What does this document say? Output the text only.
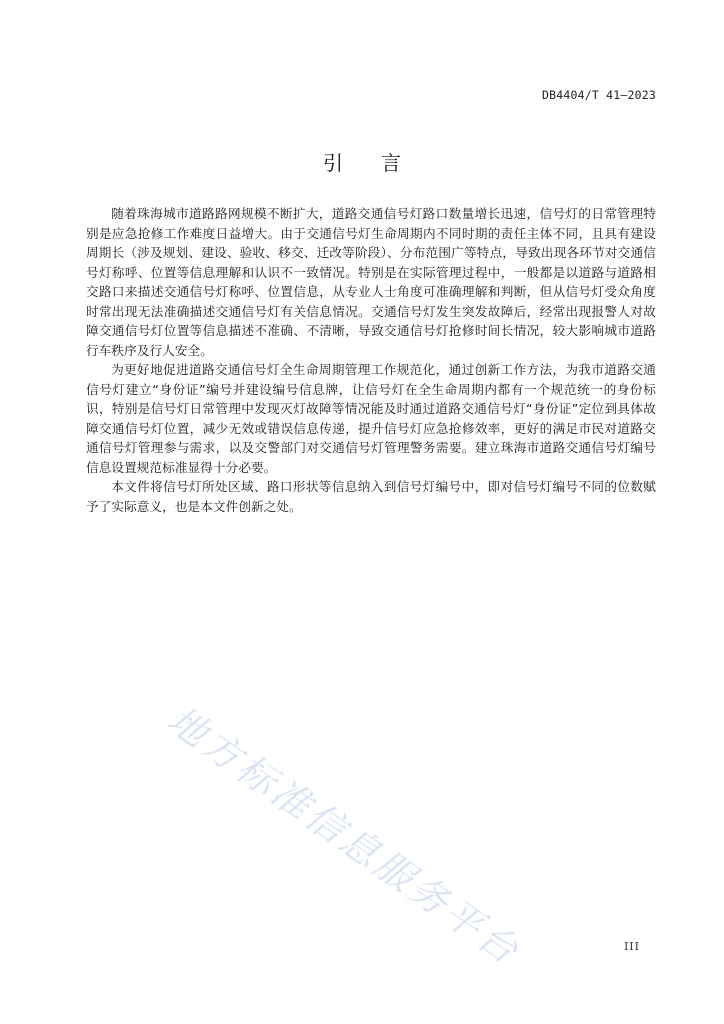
DB4404/T 41—2023
引言

随着珠海城市道路路网规模不断扩大，道路交通信号灯路口数量增长迅速，信号灯的日常管理特别是应急抢修工作难度日益增大。由于交通信号灯生命周期内不同时期的责任主体不同，且具有建设周期长（涉及规划、建设、验收、移交、迁改等阶段）、分布范围广等特点，导致出现各环节对交通信号灯称呼、位置等信息理解和认识不一致情况。特别是在实际管理过程中，一般都是以道路与道路相交路口来描述交通信号灯称呼、位置信息，从专业人士角度可准确理解和判断，但从信号灯受众角度时常出现无法准确描述交通信号灯有关信息情况。交通信号灯发生突发故障后，经常出现报警人对故障交通信号灯位置等信息描述不准确、不清晰，导致交通信号灯抢修时间长情况，较大影响城市道路行车秩序及行人安全。

为更好地促进道路交通信号灯全生命周期管理工作规范化，通过创新工作方法，为我市道路交通信号灯建立“身份证”编号并建设编号信息牌，让信号灯在全生命周期内都有一个规范统一的身份标识，特别是信号灯日常管理中发现灭灯故障等情况能及时通过道路交通信号灯“身份证”定位到具体故障交通信号灯位置，减少无效或错误信息传递，提升信号灯应急抢修效率，更好的满足市民对道路交通信号灯管理参与需求，以及交警部门对交通信号灯管理警务需要。建立珠海市道路交通信号灯编号信息设置规范标准显得十分必要。

本文件将信号灯所处区域、路口形状等信息纳入到信号灯编号中，即对信号灯编号不同的位数赋予了实际意义，也是本文件创新之处。

地方标准信息服务平台	III
